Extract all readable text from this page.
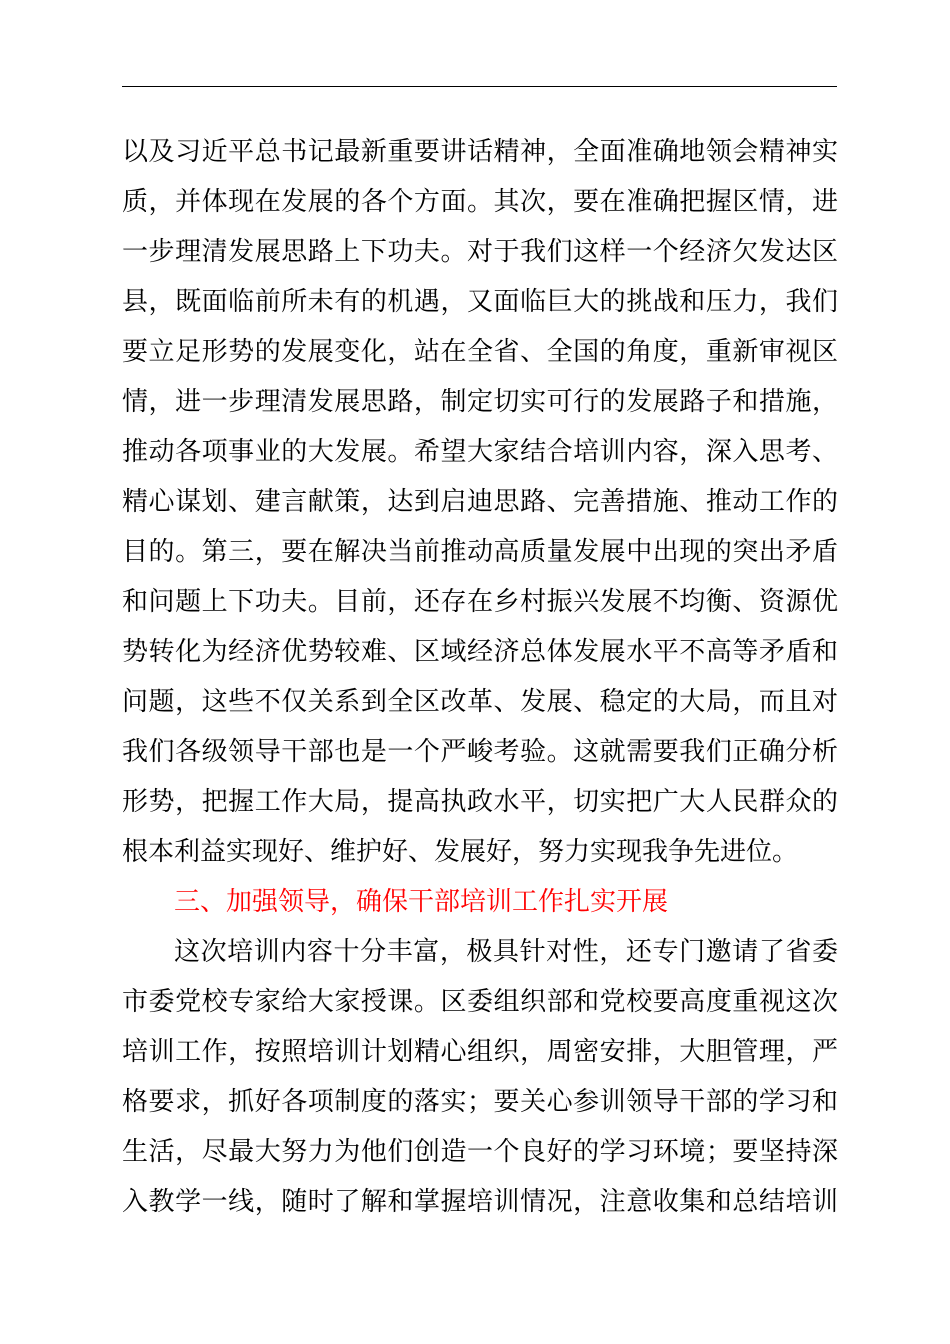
以及习近平总书记最新重要讲话精神，全面准确地领会精神实
质，并体现在发展的各个方面。其次，要在准确把握区情，进
一步理清发展思路上下功夫。对于我们这样一个经济欠发达区
县，既面临前所未有的机遇，又面临巨大的挑战和压力，我们
要立足形势的发展变化，站在全省、全国的角度，重新审视区
情，进一步理清发展思路，制定切实可行的发展路子和措施，
推动各项事业的大发展。希望大家结合培训内容，深入思考、
精心谋划、建言献策，达到启迪思路、完善措施、推动工作的
目的。第三，要在解决当前推动高质量发展中出现的突出矛盾
和问题上下功夫。目前，还存在乡村振兴发展不均衡、资源优
势转化为经济优势较难、区域经济总体发展水平不高等矛盾和
问题，这些不仅关系到全区改革、发展、稳定的大局，而且对
我们各级领导干部也是一个严峻考验。这就需要我们正确分析
形势，把握工作大局，提高执政水平，切实把广大人民群众的
根本利益实现好、维护好、发展好，努力实现我争先进位。
三、加强领导，确保干部培训工作扎实开展
这次培训内容十分丰富，极具针对性，还专门邀请了省委
市委党校专家给大家授课。区委组织部和党校要高度重视这次
培训工作，按照培训计划精心组织，周密安排，大胆管理，严
格要求，抓好各项制度的落实；要关心参训领导干部的学习和
生活，尽最大努力为他们创造一个良好的学习环境；要坚持深
入教学一线，随时了解和掌握培训情况，注意收集和总结培训
